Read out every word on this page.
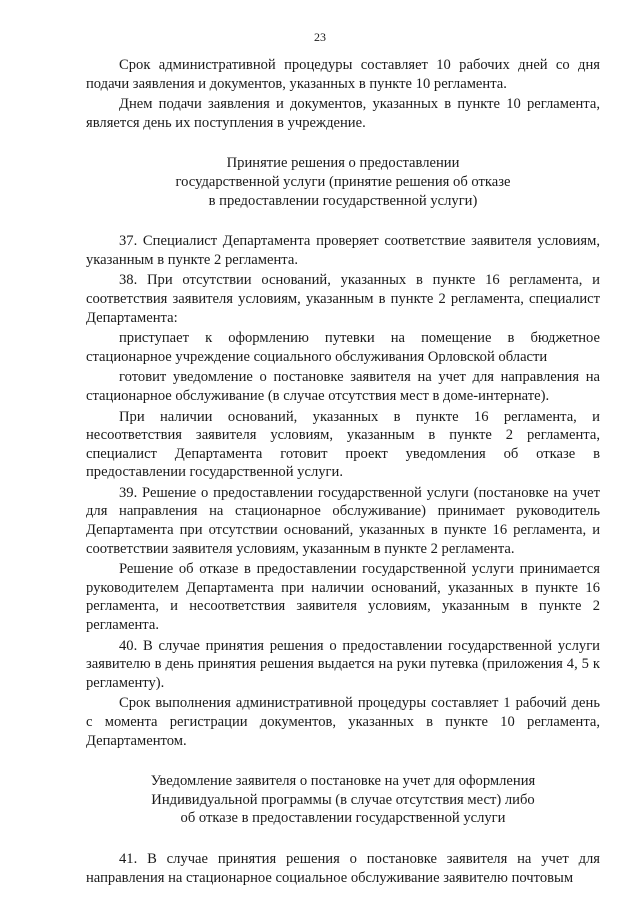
23

Срок административной процедуры составляет 10 рабочих дней со дня подачи заявления и документов, указанных в пункте 10 регламента.

Днем подачи заявления и документов, указанных в пункте 10 регламента, является день их поступления в учреждение.

Принятие решения о предоставлении
государственной услуги (принятие решения об отказе
в предоставлении государственной услуги)

37. Специалист Департамента проверяет соответствие заявителя условиям, указанным в пункте 2 регламента.

38. При отсутствии оснований, указанных в пункте 16 регламента, и соответствия заявителя условиям, указанным в пункте 2 регламента, специалист Департамента:

приступает к оформлению путевки на помещение в бюджетное стационарное учреждение социального обслуживания Орловской области

готовит уведомление о постановке заявителя на учет для направления на стационарное обслуживание (в случае отсутствия мест в доме-интернате).

При наличии оснований, указанных в пункте 16 регламента, и несоответствия заявителя условиям, указанным в пункте 2 регламента, специалист Департамента готовит проект уведомления об отказе в предоставлении государственной услуги.

39. Решение о предоставлении государственной услуги (постановке на учет для направления на стационарное обслуживание) принимает руководитель Департамента при отсутствии оснований, указанных в пункте 16 регламента, и соответствии заявителя условиям, указанным в пункте 2 регламента.

Решение об отказе в предоставлении государственной услуги принимается руководителем Департамента при наличии оснований, указанных в пункте 16 регламента, и несоответствия заявителя условиям, указанным в пункте 2 регламента.

40. В случае принятия решения о предоставлении государственной услуги заявителю в день принятия решения выдается на руки путевка (приложения 4, 5 к регламенту).

Срок выполнения административной процедуры составляет 1 рабочий день с момента регистрации документов, указанных в пункте 10 регламента, Департаментом.

Уведомление заявителя о постановке на учет для оформления
Индивидуальной программы (в случае отсутствия мест) либо
об отказе в предоставлении государственной услуги

41. В случае принятия решения о постановке заявителя на учет для направления на стационарное социальное обслуживание заявителю почтовым
